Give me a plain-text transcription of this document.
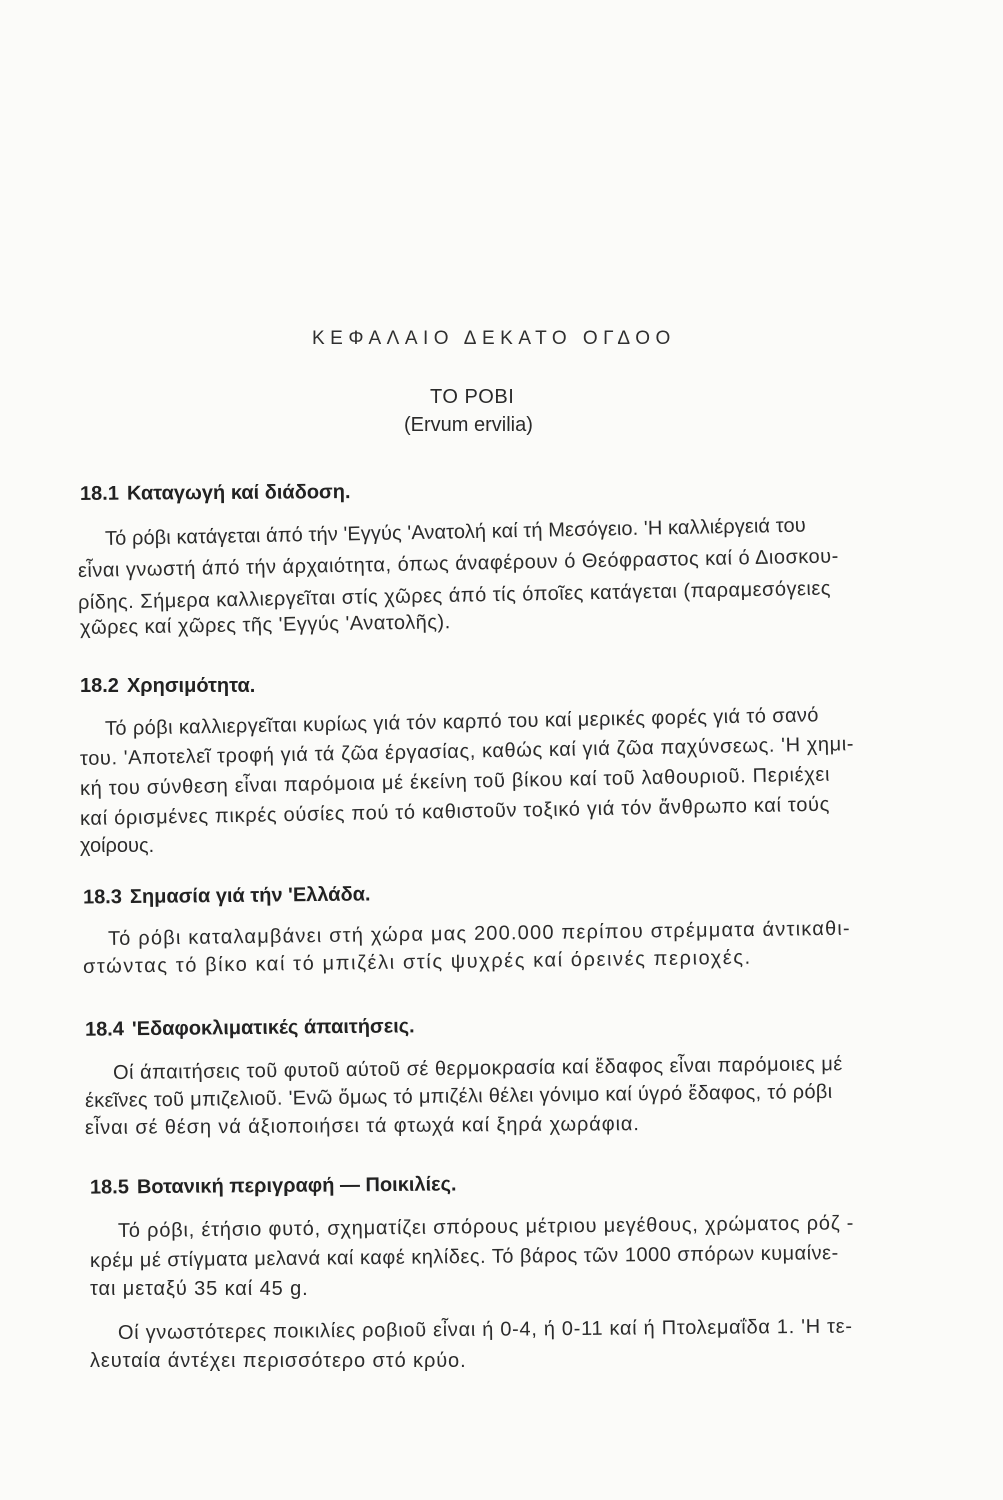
ΚΕΦΑΛΑΙΟ ΔΕΚΑΤΟ ΟΓΔΟΟ
ΤΟ ΡΟΒΙ
(Ervum ervilia)
18.1 Καταγωγή καί διάδοση.
Τό ρόβι κατάγεται άπό τήν 'Εγγύς 'Ανατολή καί τή Μεσόγειο. 'Η καλλιέργειά του
εἶναι γνωστή άπό τήν άρχαιότητα, όπως άναφέρουν ό Θεόφραστος καί ό Διοσκου-
ρίδης. Σήμερα καλλιεργεῖται στίς χῶρες άπό τίς όποῖες κατάγεται (παραμεσόγειες
χῶρες καί χῶρες τῆς 'Εγγύς 'Ανατολῆς).
18.2 Χρησιμότητα.
Τό ρόβι καλλιεργεῖται κυρίως γιά τόν καρπό του καί μερικές φορές γιά τό σανό
του. 'Αποτελεῖ τροφή γιά τά ζῶα έργασίας, καθώς καί γιά ζῶα παχύνσεως. 'Η χημι-
κή του σύνθεση εἶναι παρόμοια μέ έκείνη τοῦ βίκου καί τοῦ λαθουριοῦ. Περιέχει
καί όρισμένες πικρές ούσίες πού τό καθιστοῦν τοξικό γιά τόν ἄνθρωπο καί τούς
χοίρους.
18.3 Σημασία γιά τήν 'Ελλάδα.
Τό ρόβι καταλαμβάνει στή χώρα μας 200.000 περίπου στρέμματα άντικαθι-
στώντας τό βίκο καί τό μπιζέλι στίς ψυχρές καί όρεινές περιοχές.
18.4 'Εδαφοκλιματικές άπαιτήσεις.
Οί άπαιτήσεις τοῦ φυτοῦ αύτοῦ σέ θερμοκρασία καί ἔδαφος εἶναι παρόμοιες μέ
έκεῖνες τοῦ μπιζελιοῦ. 'Ενῶ ὅμως τό μπιζέλι θέλει γόνιμο καί ύγρό ἔδαφος, τό ρόβι
εἶναι σέ θέση νά άξιοποιήσει τά φτωχά καί ξηρά χωράφια.
18.5 Βοτανική περιγραφή — Ποικιλίες.
Τό ρόβι, έτήσιο φυτό, σχηματίζει σπόρους μέτριου μεγέθους, χρώματος ρόζ -
κρέμ μέ στίγματα μελανά καί καφέ κηλίδες. Τό βάρος τῶν 1000 σπόρων κυμαίνε-
ται μεταξύ 35 καί 45 g.
Οί γνωστότερες ποικιλίες ροβιοῦ εἶναι ή 0-4, ή 0-11 καί ή Πτολεμαΐδα 1. 'Η τε-
λευταία άντέχει περισσότερο στό κρύο.
